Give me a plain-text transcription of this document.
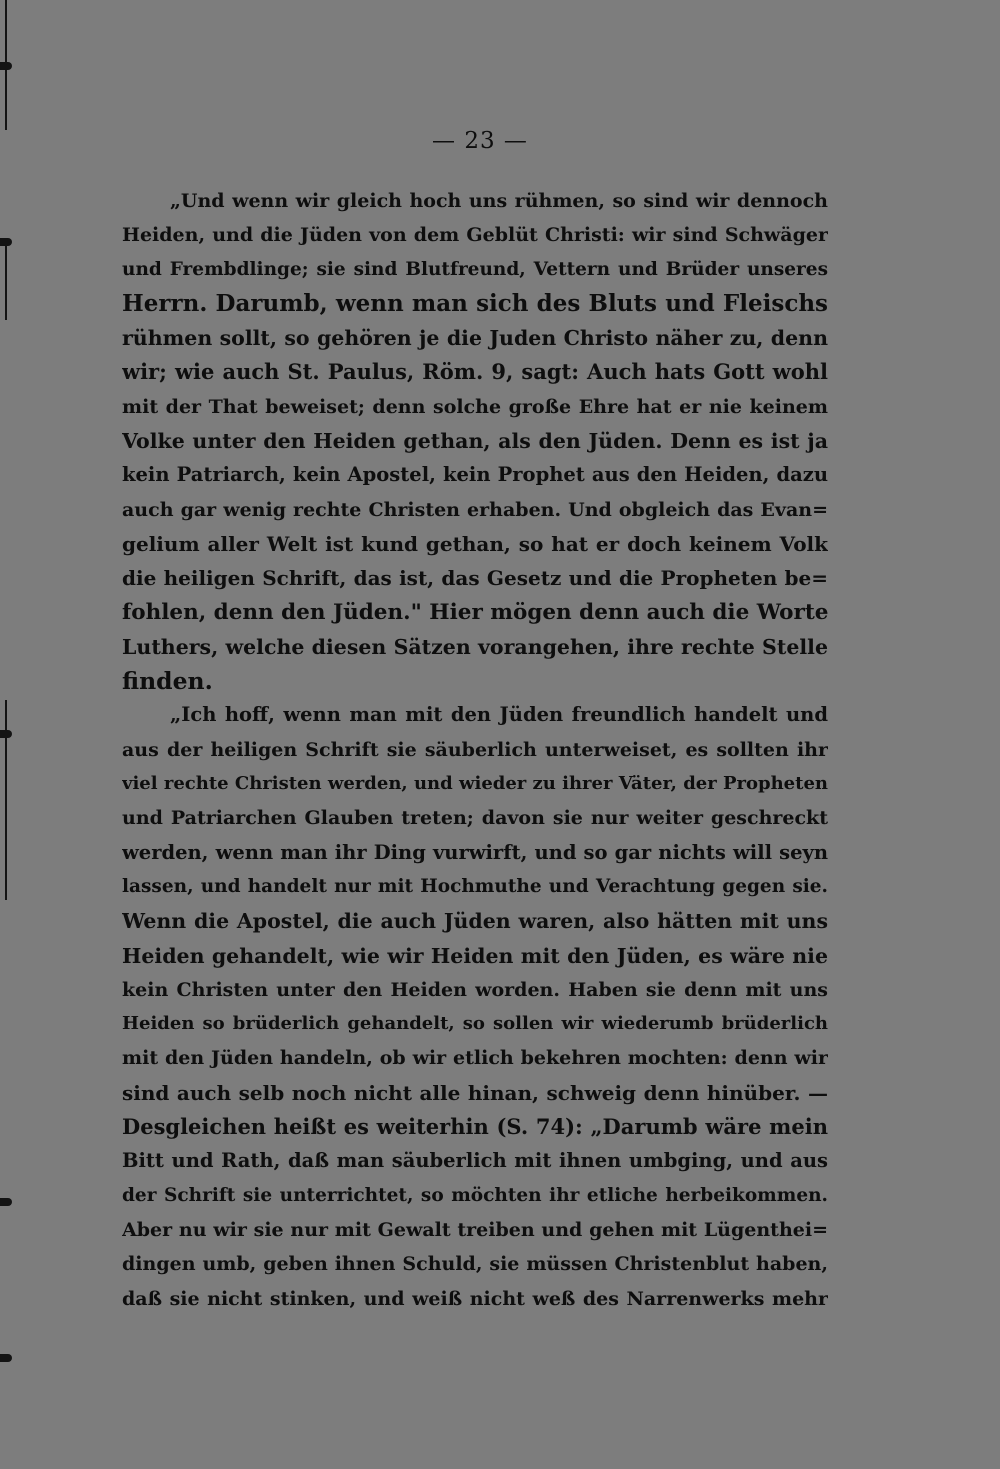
— 23 —
„Und wenn wir gleich hoch uns rühmen, so sind wir dennoch
Heiden, und die Jüden von dem Geblüt Christi: wir sind Schwäger
und Frembdlinge; sie sind Blutfreund, Vettern und Brüder unseres
Herrn. Darumb, wenn man sich des Bluts und Fleischs
rühmen sollt, so gehören je die Juden Christo näher zu, denn
wir; wie auch St. Paulus, Röm. 9, sagt: Auch hats Gott wohl
mit der That beweiset; denn solche große Ehre hat er nie keinem
Volke unter den Heiden gethan, als den Jüden. Denn es ist ja
kein Patriarch, kein Apostel, kein Prophet aus den Heiden, dazu
auch gar wenig rechte Christen erhaben. Und obgleich das Evan=
gelium aller Welt ist kund gethan, so hat er doch keinem Volk
die heiligen Schrift, das ist, das Gesetz und die Propheten be=
fohlen, denn den Jüden." Hier mögen denn auch die Worte
Luthers, welche diesen Sätzen vorangehen, ihre rechte Stelle
finden.
„Ich hoff, wenn man mit den Jüden freundlich handelt und
aus der heiligen Schrift sie säuberlich unterweiset, es sollten ihr
viel rechte Christen werden, und wieder zu ihrer Väter, der Propheten
und Patriarchen Glauben treten; davon sie nur weiter geschreckt
werden, wenn man ihr Ding vurwirft, und so gar nichts will seyn
lassen, und handelt nur mit Hochmuthe und Verachtung gegen sie.
Wenn die Apostel, die auch Jüden waren, also hätten mit uns
Heiden gehandelt, wie wir Heiden mit den Jüden, es wäre nie
kein Christen unter den Heiden worden. Haben sie denn mit uns
Heiden so brüderlich gehandelt, so sollen wir wiederumb brüderlich
mit den Jüden handeln, ob wir etlich bekehren mochten: denn wir
sind auch selb noch nicht alle hinan, schweig denn hinüber. —
Desgleichen heißt es weiterhin (S. 74): „Darumb wäre mein
Bitt und Rath, daß man säuberlich mit ihnen umbging, und aus
der Schrift sie unterrichtet, so möchten ihr etliche herbeikommen.
Aber nu wir sie nur mit Gewalt treiben und gehen mit Lügenthei=
dingen umb, geben ihnen Schuld, sie müssen Christenblut haben,
daß sie nicht stinken, und weiß nicht weß des Narrenwerks mehr
